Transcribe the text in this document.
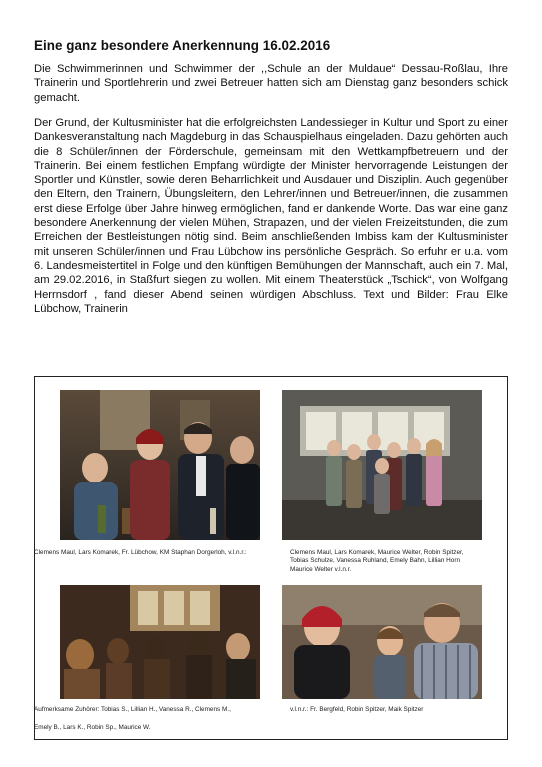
Eine ganz besondere Anerkennung 16.02.2016

Die Schwimmerinnen und Schwimmer der ,,Schule an der Muldaue“ Dessau-Roßlau, Ihre Trainerin und Sportlehrerin und zwei Betreuer hatten sich am Dienstag ganz besonders schick gemacht.

Der Grund, der Kultusminister hat die erfolgreichsten Landessieger in Kultur und Sport zu einer Dankesveranstaltung nach Magdeburg in das Schauspielhaus eingeladen. Dazu gehörten auch die 8 Schüler/innen der Förderschule, gemeinsam mit den Wettkampfbetreuern und der Trainerin. Bei einem festlichen Empfang würdigte der Minister hervorragende Leistungen der Sportler und Künstler, sowie deren Beharrlichkeit und Ausdauer und Disziplin. Auch gegenüber den Eltern, den Trainern, Übungsleitern, den Lehrer/innen und Betreuer/innen, die zusammen erst diese Erfolge über Jahre hinweg ermöglichen, fand er dankende Worte. Das war eine ganz besondere Anerkennung der vielen Mühen, Strapazen, und der vielen Freizeitstunden, die zum Erreichen der Bestleistungen nötig sind. Beim anschließenden Imbiss kam der Kultusminister mit unseren Schüler/innen und Frau Lübchow ins persönliche Gespräch. So erfuhr er u.a. vom 6. Landesmeistertitel in Folge und den künftigen Bemühungen der Mannschaft, auch ein 7. Mal, am 29.02.2016, in Staßfurt siegen zu wollen. Mit einem Theaterstück „Tschick“, von Wolfgang Herrnsdorf , fand dieser Abend seinen würdigen Abschluss. Text und Bilder: Frau Elke Lübchow, Trainerin

Clemens Maul, Lars Komarek, Fr. Lübchow, KM Staphan Dorgerloh, v.l.n.r.:	Clemens Maul, Lars Komarek, Maurice Welter, Robin Spitzer,
Tobias Schulze, Vanessa Ruhland, Emely Bahn, Lillian Horn
Maurice Welter v.l.n.r.
Aufmerksame Zuhörer: Tobias S., Lillian H., Vanessa R., Clemens M.,
Emely B., Lars K., Robin Sp., Maurice W.
v.l.n.r.: Fr. Bergfeld, Robin Spitzer, Maik Spitzer
